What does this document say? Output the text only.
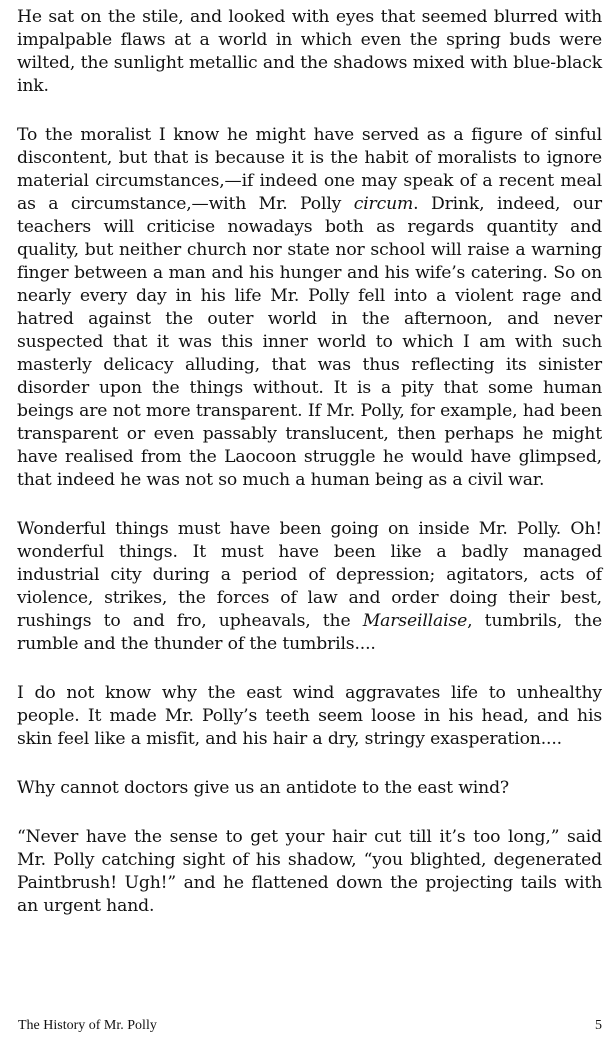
He sat on the stile, and looked with eyes that seemed blurred with impalpable flaws at a world in which even the spring buds were wilted, the sunlight metallic and the shadows mixed with blue-black ink.

To the moralist I know he might have served as a figure of sinful discontent, but that is because it is the habit of moralists to ignore material circumstances,—if indeed one may speak of a recent meal as a circumstance,—with Mr. Polly circum. Drink, indeed, our teachers will criticise nowadays both as regards quantity and quality, but neither church nor state nor school will raise a warning finger between a man and his hunger and his wife’s catering. So on nearly every day in his life Mr. Polly fell into a violent rage and hatred against the outer world in the afternoon, and never suspected that it was this inner world to which I am with such masterly delicacy alluding, that was thus reflecting its sinister disorder upon the things without. It is a pity that some human beings are not more transparent. If Mr. Polly, for example, had been transparent or even passably translucent, then perhaps he might have realised from the Laocoon struggle he would have glimpsed, that indeed he was not so much a human being as a civil war.

Wonderful things must have been going on inside Mr. Polly. Oh! wonderful things. It must have been like a badly managed industrial city during a period of depression; agitators, acts of violence, strikes, the forces of law and order doing their best, rushings to and fro, upheavals, the Marseillaise, tumbrils, the rumble and the thunder of the tumbrils....

I do not know why the east wind aggravates life to unhealthy people. It made Mr. Polly’s teeth seem loose in his head, and his skin feel like a misfit, and his hair a dry, stringy exasperation....

Why cannot doctors give us an antidote to the east wind?

“Never have the sense to get your hair cut till it’s too long,” said Mr. Polly catching sight of his shadow, “you blighted, degenerated Paintbrush! Ugh!” and he flattened down the projecting tails with an urgent hand.

The History of Mr. Polly	5
